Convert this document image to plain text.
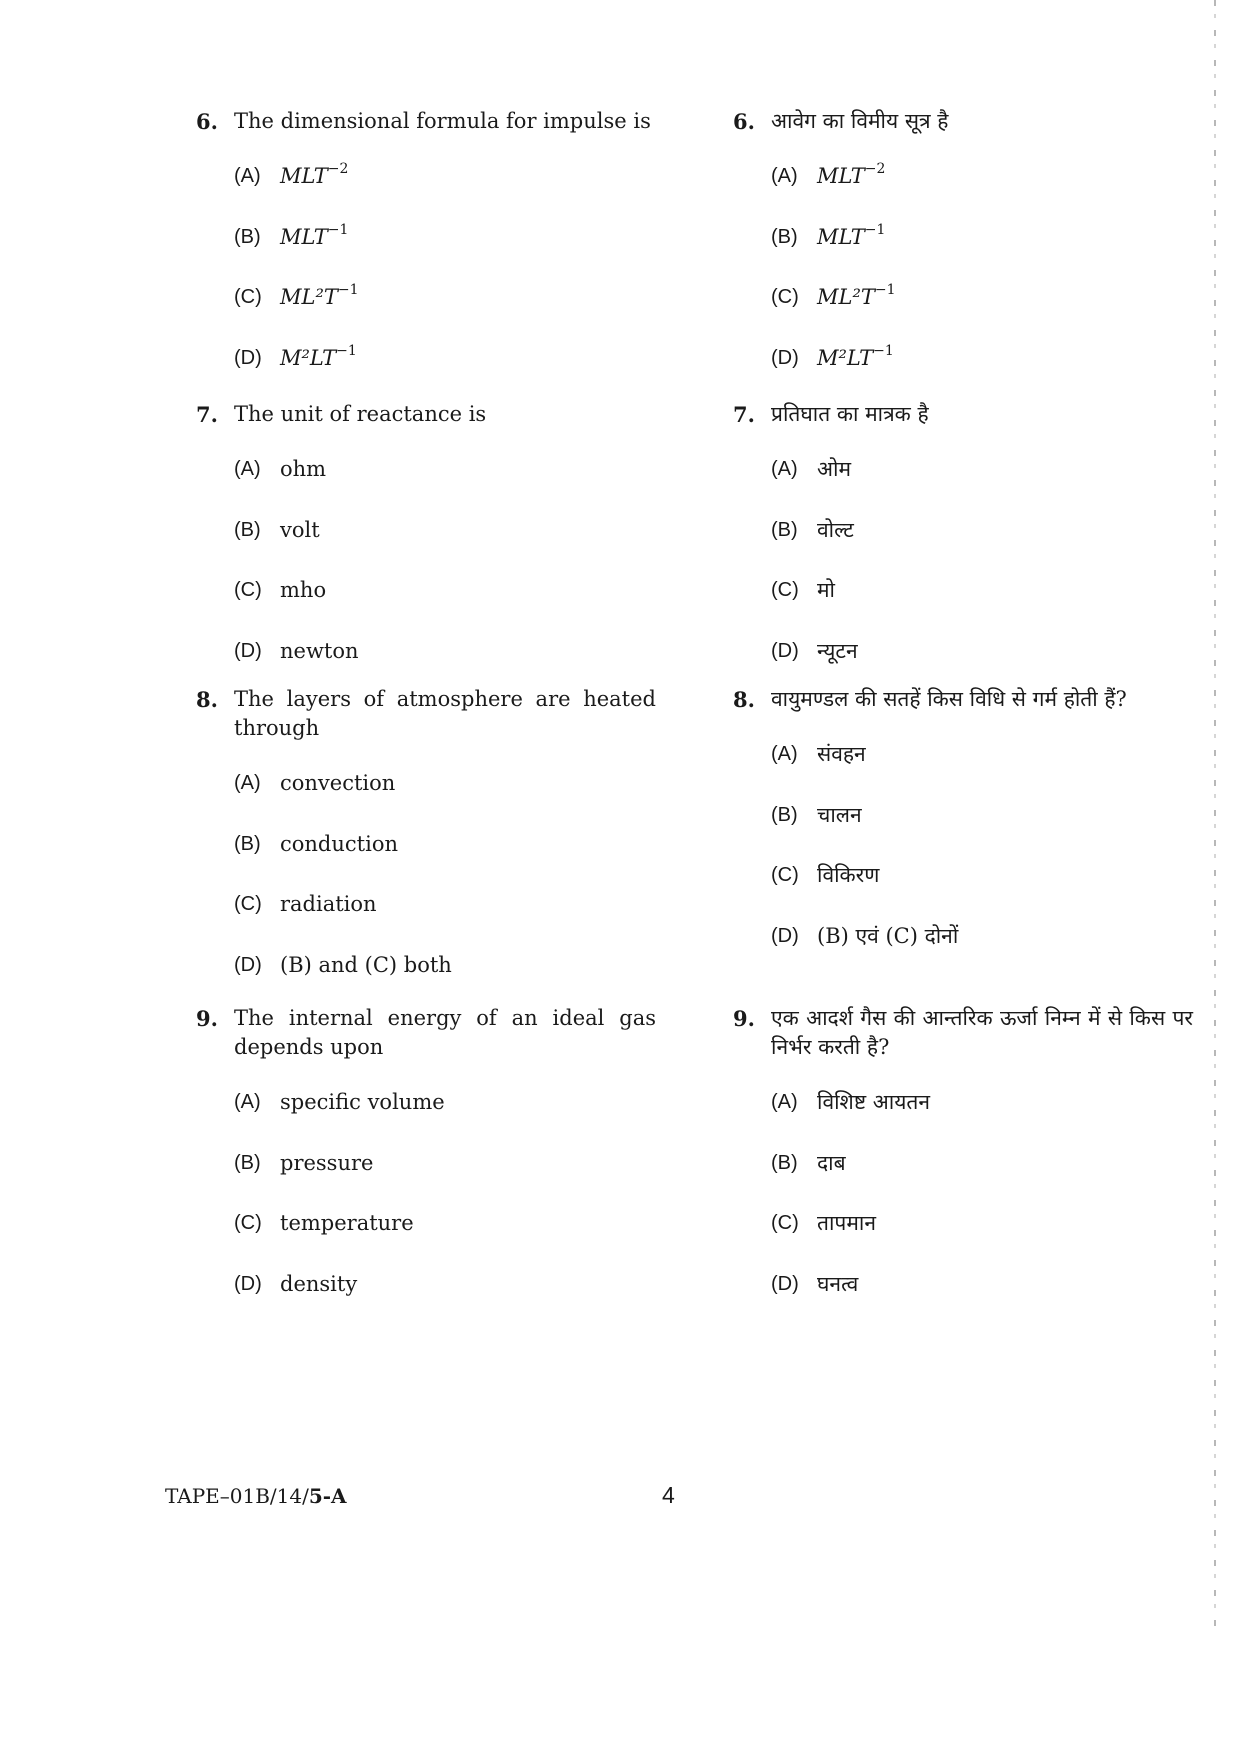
6. The dimensional formula for impulse is
(A) $MLT^{-2}$
(B) $MLT^{-1}$
(C) $ML^2T^{-1}$
(D) $M^2LT^{-1}$
7. The unit of reactance is
(A) ohm
(B) volt
(C) mho
(D) newton
8. The layers of atmosphere are heated through
(A) convection
(B) conduction
(C) radiation
(D) (B) and (C) both
9. The internal energy of an ideal gas depends upon
(A) specific volume
(B) pressure
(C) temperature
(D) density
6. आवेग का विमीय सूत्र है
(A) $MLT^{-2}$
(B) $MLT^{-1}$
(C) $ML^2T^{-1}$
(D) $M^2LT^{-1}$
7. प्रतिघात का मात्रक है
(A) ओम
(B) वोल्ट
(C) मो
(D) न्यूटन
8. वायुमण्डल की सतहें किस विधि से गर्म होती हैं?
(A) संवहन
(B) चालन
(C) विकिरण
(D) (B) एवं (C) दोनों
9. एक आदर्श गैस की आन्तरिक ऊर्जा निम्न में से किस पर निर्भर करती है?
(A) विशिष्ट आयतन
(B) दाब
(C) तापमान
(D) घनत्व
TAPE–01B/14/5-A	4
